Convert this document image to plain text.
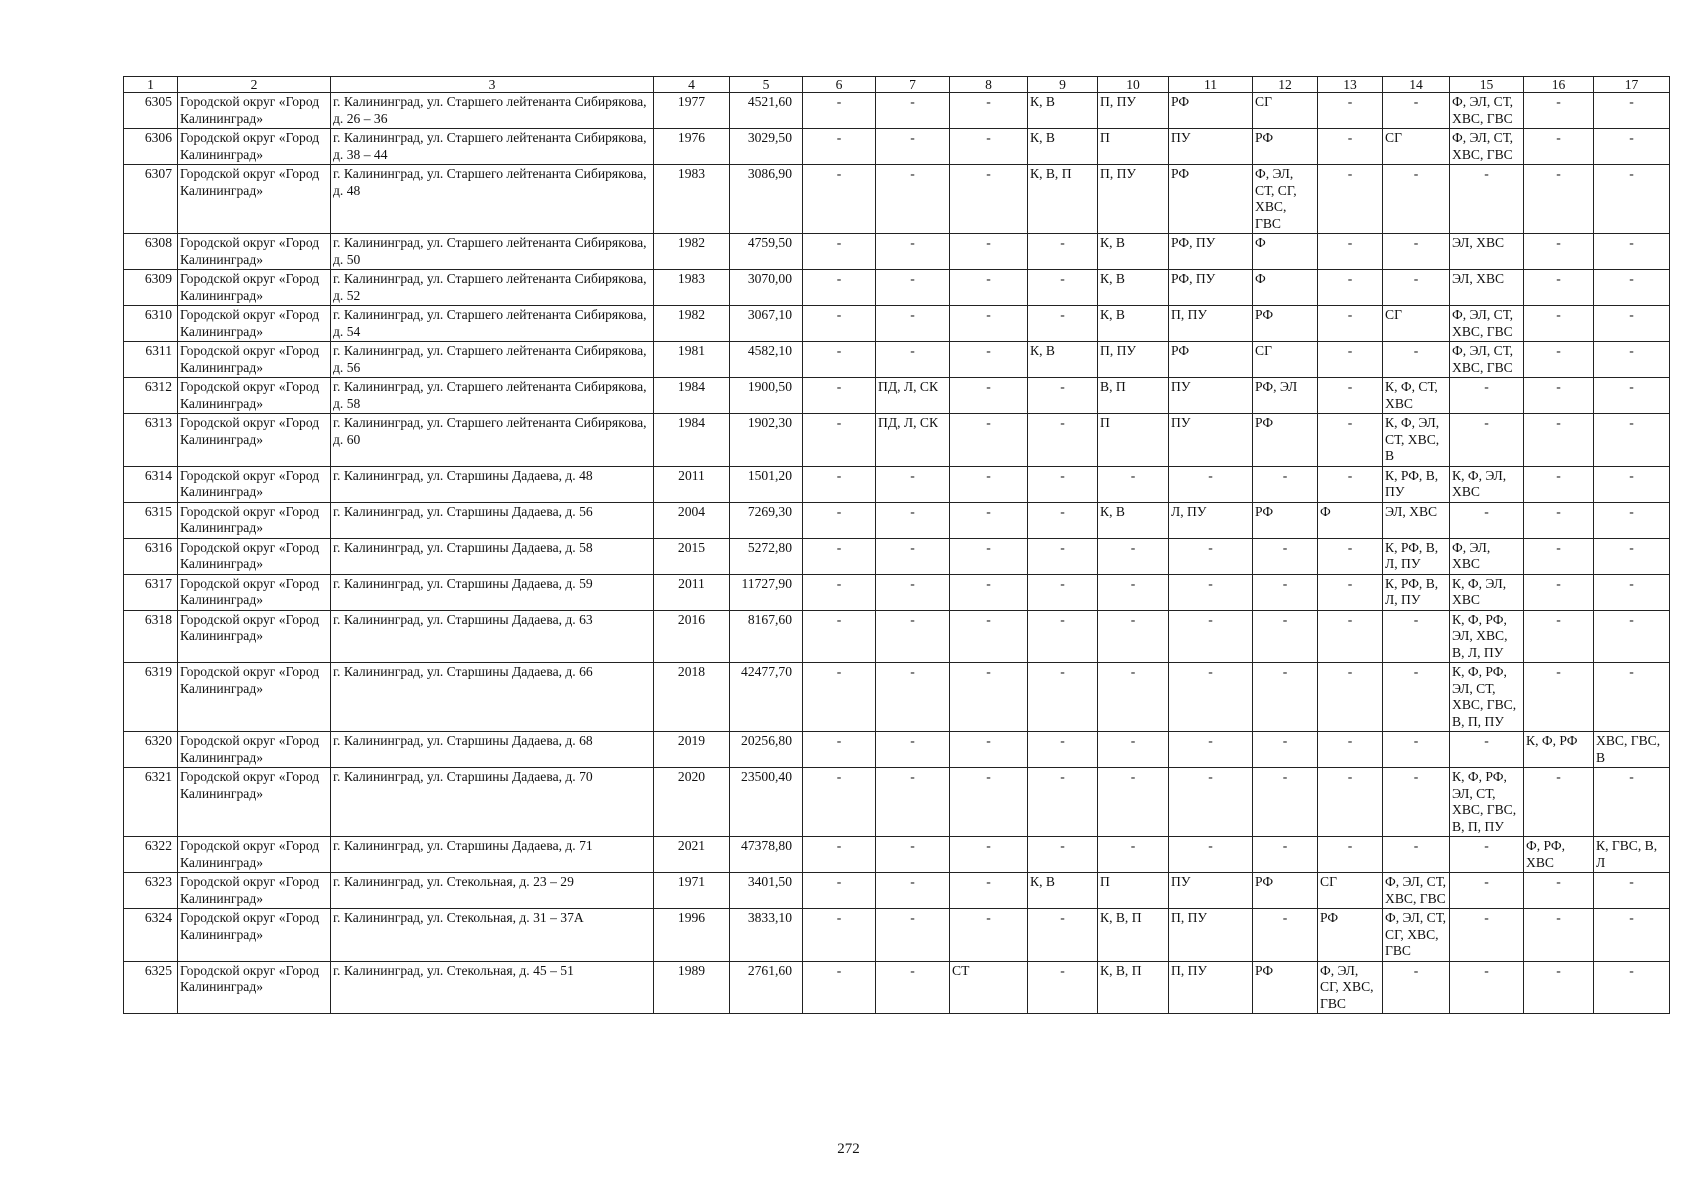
1	2	3	4	5	6	7	8	9	10	11	12	13	14	15	16	17
6305	Городской округ «Город Калининград»	г. Калининград, ул. Старшего лейтенанта Сибирякова, д. 26 – 36	1977	4521,60	-	-	-	К, В	П, ПУ	РФ	СГ	-	-	Ф, ЭЛ, СТ, ХВС, ГВС	-	-
6306	Городской округ «Город Калининград»	г. Калининград, ул. Старшего лейтенанта Сибирякова, д. 38 – 44	1976	3029,50	-	-	-	К, В	П	ПУ	РФ	-	СГ	Ф, ЭЛ, СТ, ХВС, ГВС	-	-
6307	Городской округ «Город Калининград»	г. Калининград, ул. Старшего лейтенанта Сибирякова, д. 48	1983	3086,90	-	-	-	К, В, П	П, ПУ	РФ	Ф, ЭЛ, СТ, СГ, ХВС, ГВС	-	-	-	-	-
6308	Городской округ «Город Калининград»	г. Калининград, ул. Старшего лейтенанта Сибирякова, д. 50	1982	4759,50	-	-	-	-	К, В	РФ, ПУ	Ф	-	-	ЭЛ, ХВС	-	-
6309	Городской округ «Город Калининград»	г. Калининград, ул. Старшего лейтенанта Сибирякова, д. 52	1983	3070,00	-	-	-	-	К, В	РФ, ПУ	Ф	-	-	ЭЛ, ХВС	-	-
6310	Городской округ «Город Калининград»	г. Калининград, ул. Старшего лейтенанта Сибирякова, д. 54	1982	3067,10	-	-	-	-	К, В	П, ПУ	РФ	-	СГ	Ф, ЭЛ, СТ, ХВС, ГВС	-	-
6311	Городской округ «Город Калининград»	г. Калининград, ул. Старшего лейтенанта Сибирякова, д. 56	1981	4582,10	-	-	-	К, В	П, ПУ	РФ	СГ	-	-	Ф, ЭЛ, СТ, ХВС, ГВС	-	-
6312	Городской округ «Город Калининград»	г. Калининград, ул. Старшего лейтенанта Сибирякова, д. 58	1984	1900,50	-	ПД, Л, СК	-	-	В, П	ПУ	РФ, ЭЛ	-	К, Ф, СТ, ХВС	-	-	-
6313	Городской округ «Город Калининград»	г. Калининград, ул. Старшего лейтенанта Сибирякова, д. 60	1984	1902,30	-	ПД, Л, СК	-	-	П	ПУ	РФ	-	К, Ф, ЭЛ, СТ, ХВС, В	-	-	-
6314	Городской округ «Город Калининград»	г. Калининград, ул. Старшины Дадаева, д. 48	2011	1501,20	-	-	-	-	-	-	-	-	К, РФ, В, ПУ	К, Ф, ЭЛ, ХВС	-	-
6315	Городской округ «Город Калининград»	г. Калининград, ул. Старшины Дадаева, д. 56	2004	7269,30	-	-	-	-	К, В	Л, ПУ	РФ	Ф	ЭЛ, ХВС	-	-	-
6316	Городской округ «Город Калининград»	г. Калининград, ул. Старшины Дадаева, д. 58	2015	5272,80	-	-	-	-	-	-	-	-	К, РФ, В, Л, ПУ	Ф, ЭЛ, ХВС	-	-
6317	Городской округ «Город Калининград»	г. Калининград, ул. Старшины Дадаева, д. 59	2011	11727,90	-	-	-	-	-	-	-	-	К, РФ, В, Л, ПУ	К, Ф, ЭЛ, ХВС	-	-
6318	Городской округ «Город Калининград»	г. Калининград, ул. Старшины Дадаева, д. 63	2016	8167,60	-	-	-	-	-	-	-	-	-	К, Ф, РФ, ЭЛ, ХВС, В, Л, ПУ	-	-
6319	Городской округ «Город Калининград»	г. Калининград, ул. Старшины Дадаева, д. 66	2018	42477,70	-	-	-	-	-	-	-	-	-	К, Ф, РФ, ЭЛ, СТ, ХВС, ГВС, В, П, ПУ	-	-
6320	Городской округ «Город Калининград»	г. Калининград, ул. Старшины Дадаева, д. 68	2019	20256,80	-	-	-	-	-	-	-	-	-	-	К, Ф, РФ	ХВС, ГВС, В
6321	Городской округ «Город Калининград»	г. Калининград, ул. Старшины Дадаева, д. 70	2020	23500,40	-	-	-	-	-	-	-	-	-	К, Ф, РФ, ЭЛ, СТ, ХВС, ГВС, В, П, ПУ	-	-
6322	Городской округ «Город Калининград»	г. Калининград, ул. Старшины Дадаева, д. 71	2021	47378,80	-	-	-	-	-	-	-	-	-	-	Ф, РФ, ХВС	К, ГВС, В, Л
6323	Городской округ «Город Калининград»	г. Калининград, ул. Стекольная, д. 23 – 29	1971	3401,50	-	-	-	К, В	П	ПУ	РФ	СГ	Ф, ЭЛ, СТ, ХВС, ГВС	-	-	-
6324	Городской округ «Город Калининград»	г. Калининград, ул. Стекольная, д. 31 – 37А	1996	3833,10	-	-	-	-	К, В, П	П, ПУ	-	РФ	Ф, ЭЛ, СТ, СГ, ХВС, ГВС	-	-	-
6325	Городской округ «Город Калининград»	г. Калининград, ул. Стекольная, д. 45 – 51	1989	2761,60	-	-	СТ	-	К, В, П	П, ПУ	РФ	Ф, ЭЛ, СГ, ХВС, ГВС	-	-	-	-
272
